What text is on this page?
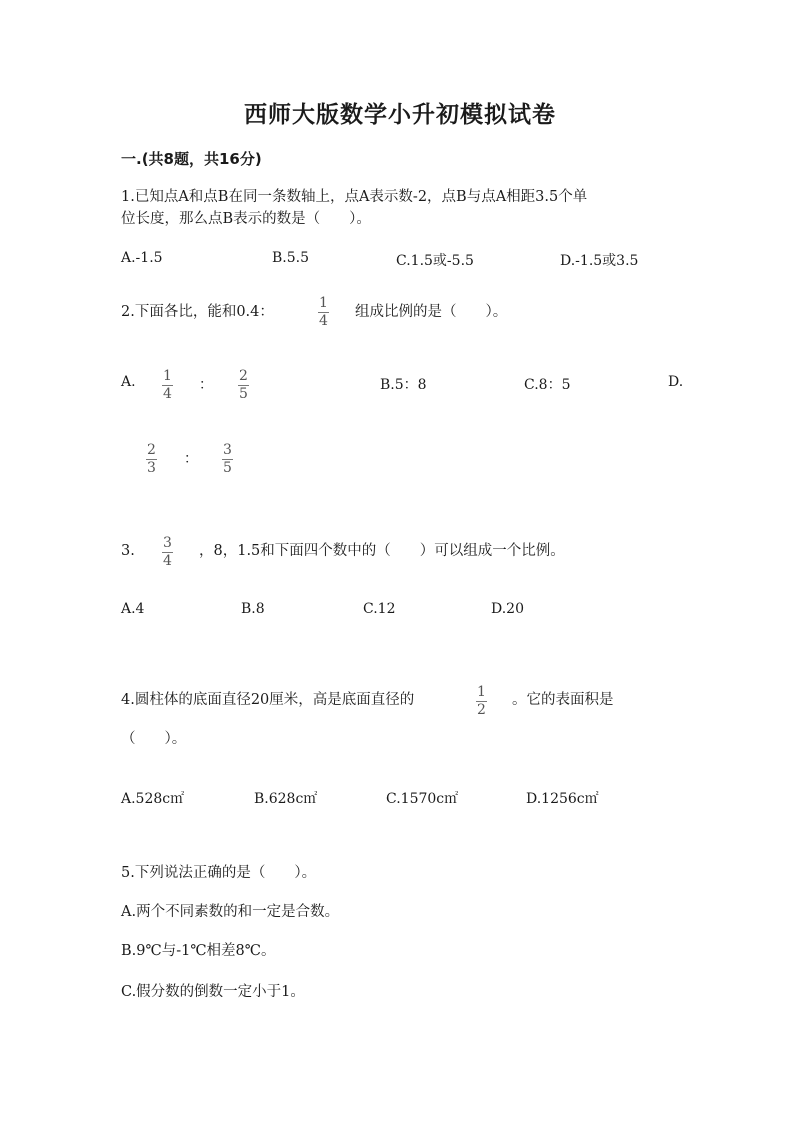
西师大版数学小升初模拟试卷
一.(共8题，共16分)
1.已知点A和点B在同一条数轴上，点A表示数-2，点B与点A相距3.5个单
位长度，那么点B表示的数是（　　）。
A.-1.5	B.5.5	C.1.5或-5.5	D.-1.5或3.5
2.下面各比，能和0.4：
1
4
组成比例的是（　　）。
A. 1
4
：
2
5
B.5：8	C.8：5	D.
2
3
：
3
5
3. 3
4
，8，1.5和下面四个数中的（　　）可以组成一个比例。
A.4	B.8	C.12	D.20
4.圆柱体的底面直径20厘米，高是底面直径的	1
2
。它的表面积是
（　　）。
A.528c㎡	B.628c㎡	C.1570c㎡	D.1256c㎡
5.下列说法正确的是（　　）。
A.两个不同素数的和一定是合数。
B.9℃与-1℃相差8℃。
C.假分数的倒数一定小于1。
